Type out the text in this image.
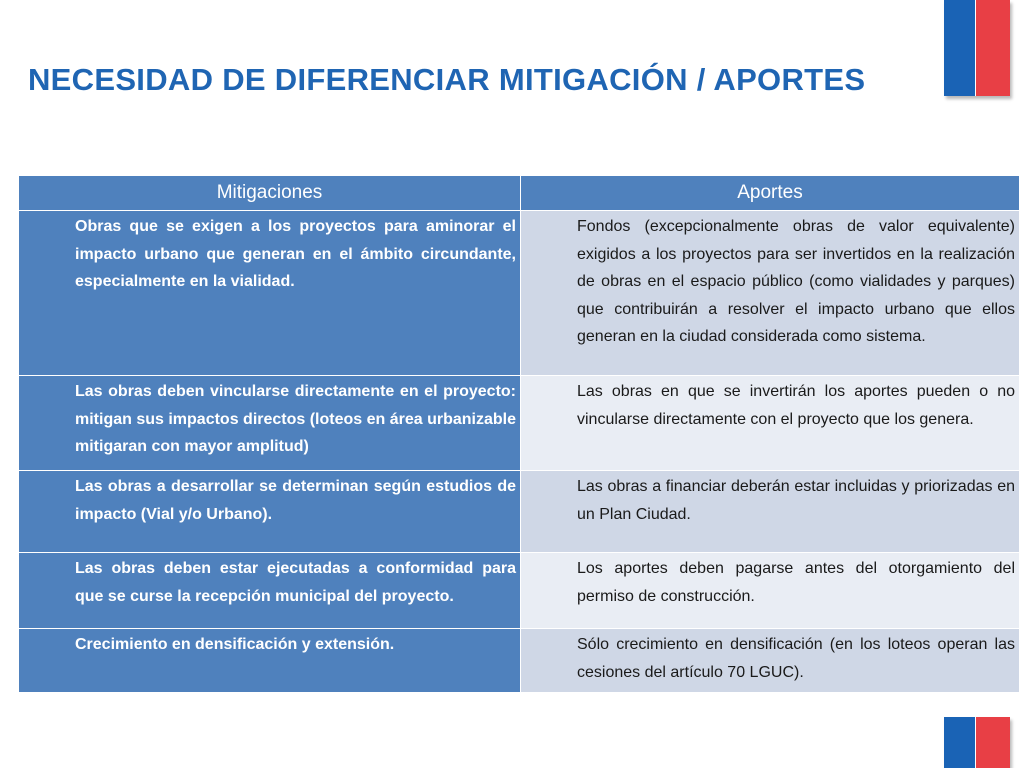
NECESIDAD DE DIFERENCIAR MITIGACIÓN / APORTES
Mitigaciones	Aportes
Obras que se exigen a los proyectos para aminorar el impacto urbano que generan en el ámbito circundante, especialmente en la vialidad.	Fondos (excepcionalmente obras de valor equivalente) exigidos a los proyectos para ser invertidos en la realización de obras en el espacio público (como vialidades y parques) que contribuirán a resolver el impacto urbano que ellos generan en la ciudad considerada como sistema.
Las obras deben vincularse directamente en el proyecto: mitigan sus impactos directos (loteos en área urbanizable mitigaran con mayor amplitud)	Las obras en que se invertirán los aportes pueden o no vincularse directamente con el proyecto que los genera.
Las obras a desarrollar se determinan según estudios de impacto (Vial y/o Urbano).	Las obras a financiar deberán estar incluidas y priorizadas en un Plan Ciudad.
Las obras deben estar ejecutadas a conformidad para que se curse la recepción municipal del proyecto.	Los aportes deben pagarse antes del otorgamiento del permiso de construcción.
Crecimiento en densificación y extensión.	Sólo crecimiento en densificación (en los loteos operan las cesiones del artículo 70 LGUC).
